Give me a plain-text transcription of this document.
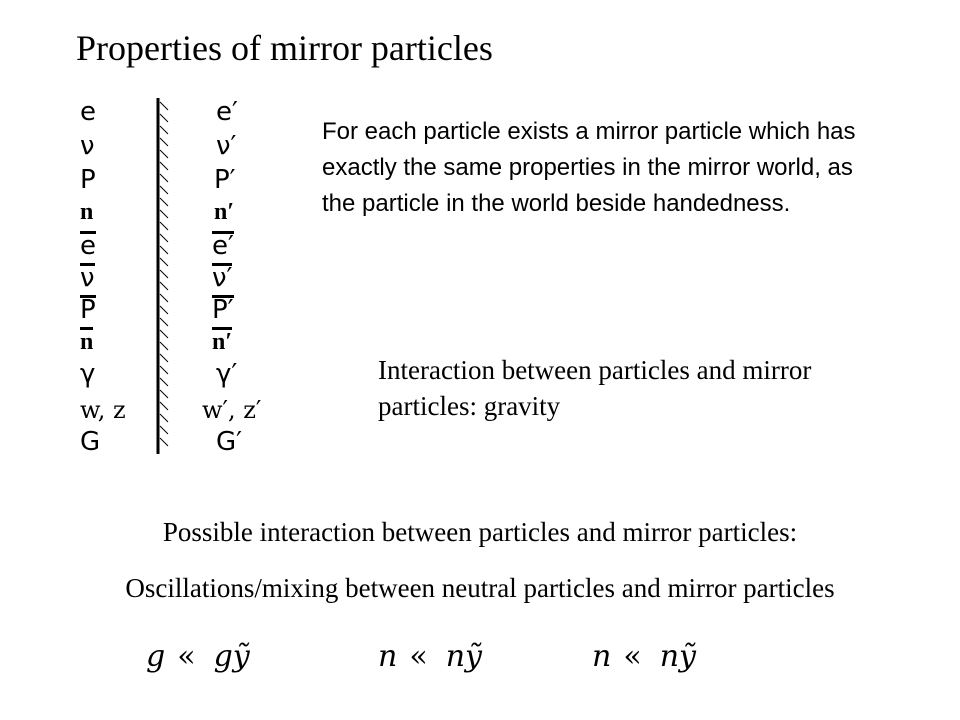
Properties of mirror particles
e
ν
P
n
e
ν
P
n
γ
w, z
G
e′
ν′
P′
n′
e′
ν′
P′
n′
γ′
w′, z′
G′
For each particle exists a mirror particle which has exactly the same properties in the mirror world, as the particle in the world beside handedness.
Interaction between particles and mirror particles: gravity
Possible interaction between particles and mirror particles:
Oscillations/mixing between neutral particles and mirror particles
g « gỹ	n « nỹ	n « nỹ
